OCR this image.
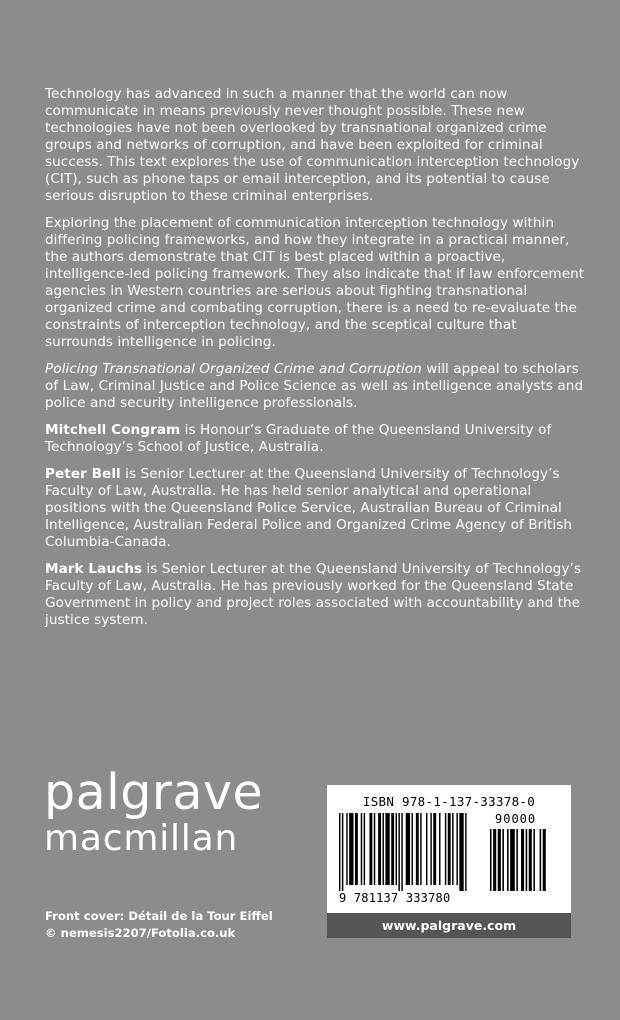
Technology has advanced in such a manner that the world can now communicate in means previously never thought possible. These new technologies have not been overlooked by transnational organized crime groups and networks of corruption, and have been exploited for criminal success. This text explores the use of communication interception technology (CIT), such as phone taps or email interception, and its potential to cause serious disruption to these criminal enterprises.

Exploring the placement of communication interception technology within differing policing frameworks, and how they integrate in a practical manner, the authors demonstrate that CIT is best placed within a proactive, intelligence-led policing framework. They also indicate that if law enforcement agencies in Western countries are serious about fighting transnational organized crime and combating corruption, there is a need to re-evaluate the constraints of interception technology, and the sceptical culture that surrounds intelligence in policing.

Policing Transnational Organized Crime and Corruption will appeal to scholars of Law, Criminal Justice and Police Science as well as intelligence analysts and police and security intelligence professionals.

Mitchell Congram is Honour’s Graduate of the Queensland University of Technology’s School of Justice, Australia.

Peter Bell is Senior Lecturer at the Queensland University of Technology’s Faculty of Law, Australia. He has held senior analytical and operational positions with the Queensland Police Service, Australian Bureau of Criminal Intelligence, Australian Federal Police and Organized Crime Agency of British Columbia-Canada.

Mark Lauchs is Senior Lecturer at the Queensland University of Technology’s Faculty of Law, Australia. He has previously worked for the Queensland State Government in policy and project roles associated with accountability and the justice system.

palgrave
macmillan
Front cover: Détail de la Tour Eiffel
© nemesis2207/Fotolia.co.uk
ISBN 978-1-137-33378-0
90000
9 781137 333780
www.palgrave.com
